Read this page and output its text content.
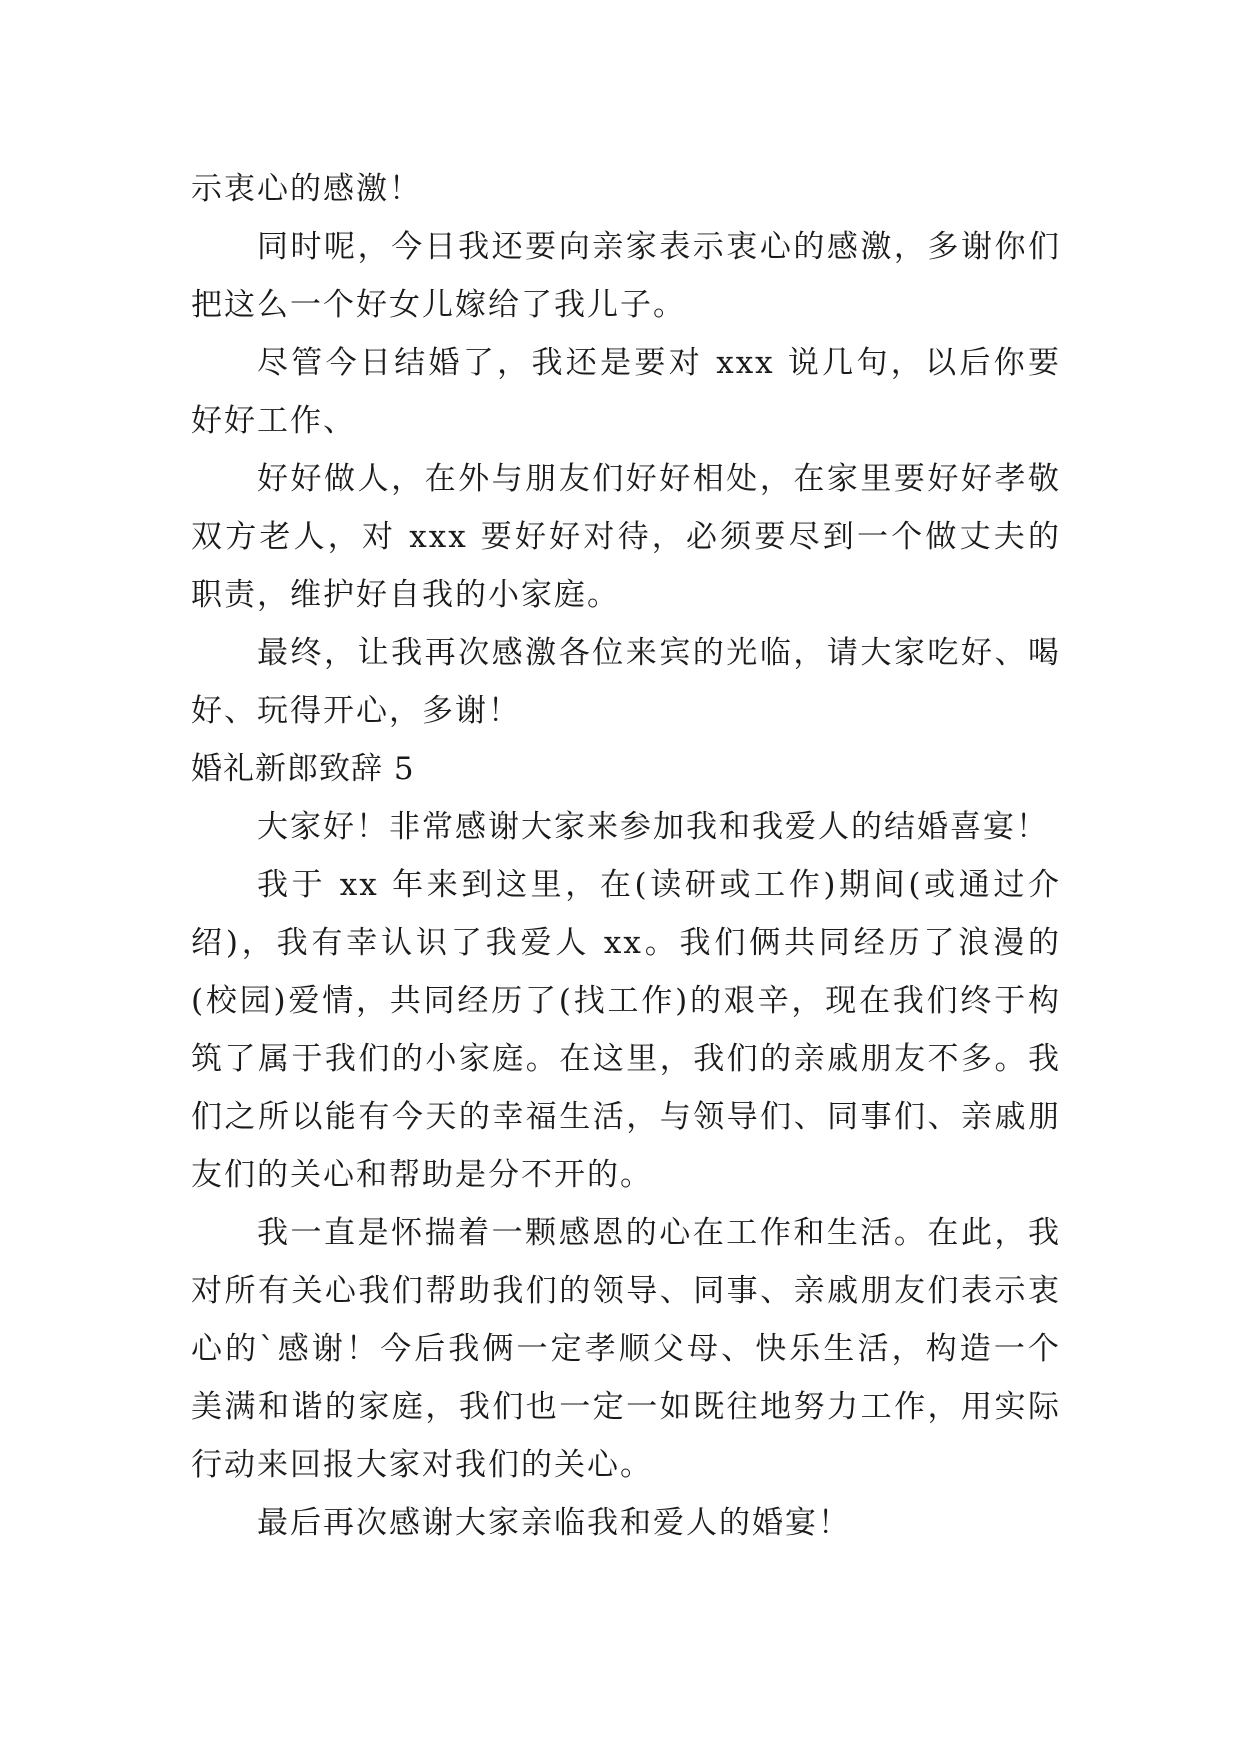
示衷心的感激！

同时呢，今日我还要向亲家表示衷心的感激，多谢你们把这么一个好女儿嫁给了我儿子。

尽管今日结婚了，我还是要对 xxx 说几句，以后你要好好工作、

好好做人，在外与朋友们好好相处，在家里要好好孝敬双方老人，对 xxx 要好好对待，必须要尽到一个做丈夫的职责，维护好自我的小家庭。

最终，让我再次感激各位来宾的光临，请大家吃好、喝好、玩得开心，多谢！

婚礼新郎致辞 5

大家好！非常感谢大家来参加我和我爱人的结婚喜宴！

我于 xx 年来到这里，在(读研或工作)期间(或通过介绍)，我有幸认识了我爱人 xx。我们俩共同经历了浪漫的(校园)爱情，共同经历了(找工作)的艰辛，现在我们终于构筑了属于我们的小家庭。在这里，我们的亲戚朋友不多。我们之所以能有今天的幸福生活，与领导们、同事们、亲戚朋友们的关心和帮助是分不开的。

我一直是怀揣着一颗感恩的心在工作和生活。在此，我对所有关心我们帮助我们的领导、同事、亲戚朋友们表示衷心的`感谢！今后我俩一定孝顺父母、快乐生活，构造一个美满和谐的家庭，我们也一定一如既往地努力工作，用实际行动来回报大家对我们的关心。

最后再次感谢大家亲临我和爱人的婚宴！
